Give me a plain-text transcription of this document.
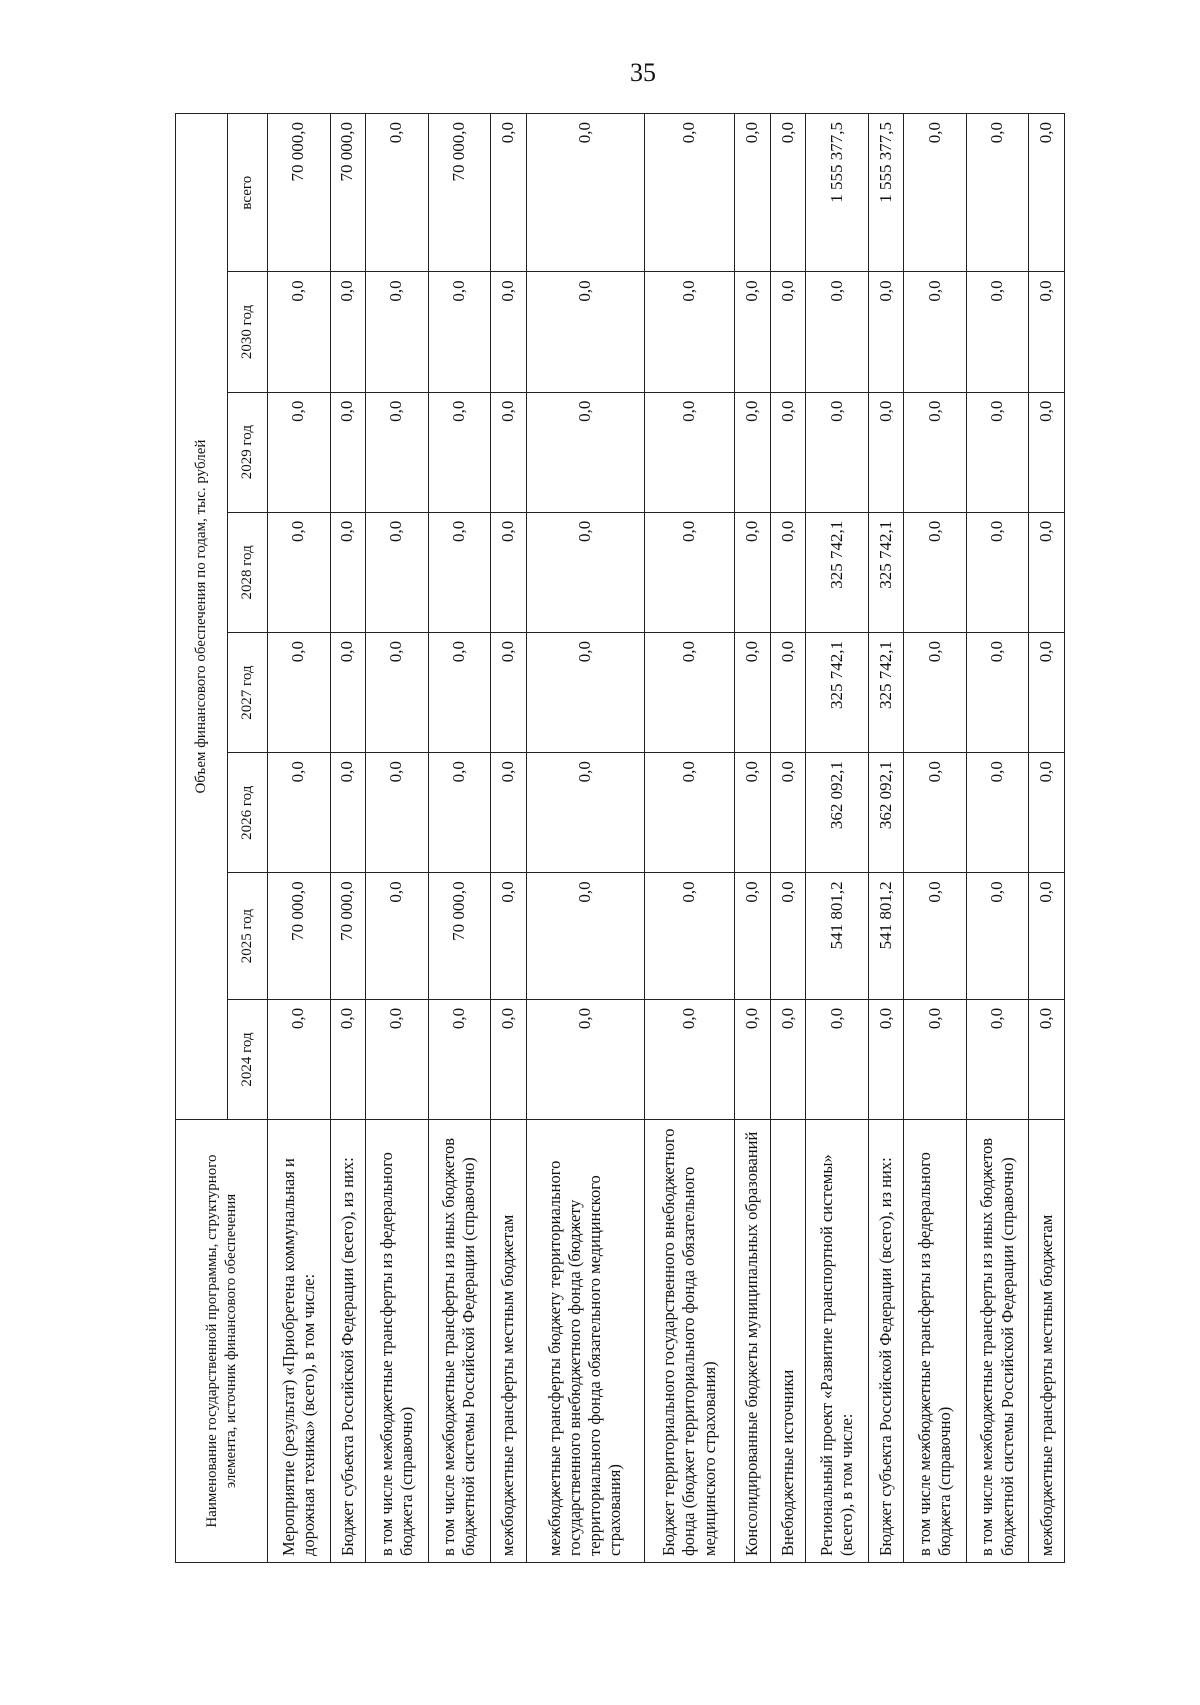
35
Наименование государственной программы, структурного элемента, источник финансового обеспечения	Объем финансового обеспечения по годам, тыс. рублей							
	2024 год	2025 год	2026 год	2027 год	2028 год	2029 год	2030 год	всего
Мероприятие (результат) «Приобретена коммунальная и дорожная техника» (всего), в том числе:	0,0	70 000,0	0,0	0,0	0,0	0,0	0,0	70 000,0
Бюджет субъекта Российской Федерации (всего), из них:	0,0	70 000,0	0,0	0,0	0,0	0,0	0,0	70 000,0
в том числе межбюджетные трансферты из федерального бюджета (справочно)	0,0	0,0	0,0	0,0	0,0	0,0	0,0	0,0
в том числе межбюджетные трансферты из иных бюджетов бюджетной системы Российской Федерации (справочно)	0,0	70 000,0	0,0	0,0	0,0	0,0	0,0	70 000,0
межбюджетные трансферты местным бюджетам	0,0	0,0	0,0	0,0	0,0	0,0	0,0	0,0
межбюджетные трансферты бюджету территориального государственного внебюджетного фонда (бюджету территориального фонда обязательного медицинского страхования)	0,0	0,0	0,0	0,0	0,0	0,0	0,0	0,0
Бюджет территориального государственного внебюджетного фонда (бюджет территориального фонда обязательного медицинского страхования)	0,0	0,0	0,0	0,0	0,0	0,0	0,0	0,0
Консолидированные бюджеты муниципальных образований	0,0	0,0	0,0	0,0	0,0	0,0	0,0	0,0
Внебюджетные источники	0,0	0,0	0,0	0,0	0,0	0,0	0,0	0,0
Региональный проект «Развитие транспортной системы» (всего), в том числе:	0,0	541 801,2	362 092,1	325 742,1	325 742,1	0,0	0,0	1 555 377,5
Бюджет субъекта Российской Федерации (всего), из них:	0,0	541 801,2	362 092,1	325 742,1	325 742,1	0,0	0,0	1 555 377,5
в том числе межбюджетные трансферты из федерального бюджета (справочно)	0,0	0,0	0,0	0,0	0,0	0,0	0,0	0,0
в том числе межбюджетные трансферты из иных бюджетов бюджетной системы Российской Федерации (справочно)	0,0	0,0	0,0	0,0	0,0	0,0	0,0	0,0
межбюджетные трансферты местным бюджетам	0,0	0,0	0,0	0,0	0,0	0,0	0,0	0,0
